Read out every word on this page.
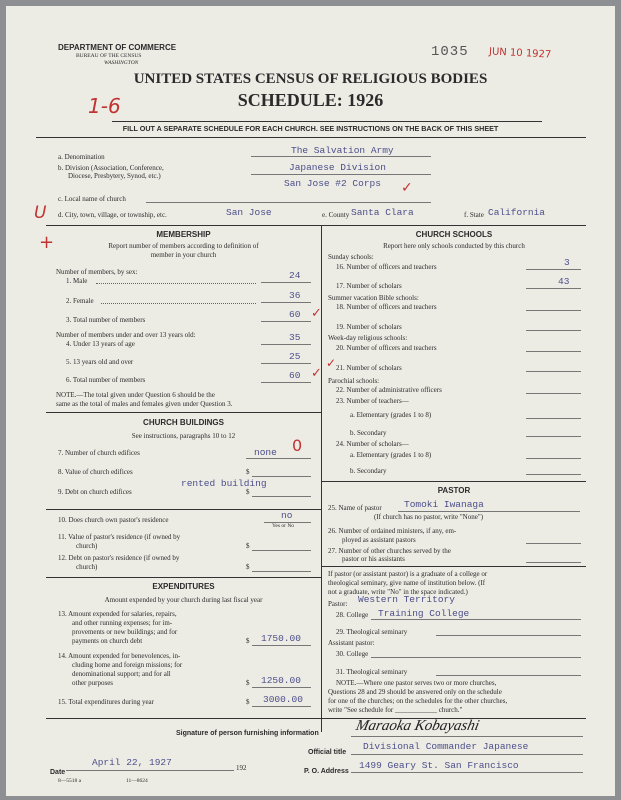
DEPARTMENT OF COMMERCE
BUREAU OF THE CENSUS
WASHINGTON
1035 JUN 10 1927
UNITED STATES CENSUS OF RELIGIOUS BODIES
SCHEDULE: 1926
1-6
FILL OUT A SEPARATE SCHEDULE FOR EACH CHURCH. SEE INSTRUCTIONS ON THE BACK OF THIS SHEET
a. Denomination
The Salvation Army
b. Division (Association, Conference,
Diocese, Presbytery, Synod, etc.)
Japanese Division
San Jose #2 Corps ✓
c. Local name of church
U d. City, town, village, or township, etc.	San Jose	e. County Santa Clara	f. State California
+	MEMBERSHIP
Report number of members according to definition of
member in your church
Number of members, by sex:
1. Male	24
2. Female	36
3. Total number of members	60 ✓
Number of members under and over 13 years old:
4. Under 13 years of age
35
5. 13 years old and over	25
6. Total number of members	60 ✓
NOTE.—The total given under Question 6 should be the
same as the total of males and females given under Question 3.
CHURCH BUILDINGS
See instructions, paragraphs 10 to 12
7. Number of church edifices	none 0
8. Value of church edifices	$
rented building
9. Debt on church edifices	$
10. Does church own pastor's residence	no
Yes or No
11. Value of pastor's residence (if owned by
church)	$
12. Debt on pastor's residence (if owned by
church)	$
EXPENDITURES
Amount expended by your church during last fiscal year
13. Amount expended for salaries, repairs,
and other running expenses; for im-
provements or new buildings; and for
payments on church debt	$ 1750.00
14. Amount expended for benevolences, in-
cluding home and foreign missions; for
denominational support; and for all
other purposes	$ 1250.00
15. Total expenditures during year	$ 3000.00
CHURCH SCHOOLS
Report here only schools conducted by this church
Sunday schools:
16. Number of officers and teachers	3
17. Number of scholars	43
Summer vacation Bible schools:
18. Number of officers and teachers
19. Number of scholars
Week-day religious schools:
20. Number of officers and teachers
✓ 21. Number of scholars
Parochial schools:
22. Number of administrative officers
23. Number of teachers—
a. Elementary (grades 1 to 8)
b. Secondary
24. Number of scholars—
a. Elementary (grades 1 to 8)
b. Secondary
PASTOR
25. Name of pastor Tomoki Iwanaga
(If church has no pastor, write "None")
26. Number of ordained ministers, if any, em-
ployed as assistant pastors
27. Number of other churches served by the
pastor or his assistants
If pastor (or assistant pastor) is a graduate of a college or
theological seminary, give name of institution below. (If
not a graduate, write "No" in the space indicated.)
Pastor: Western Territory
28. College Training College
29. Theological seminary
Assistant pastor:
30. College
31. Theological seminary
NOTE.—Where one pastor serves two or more churches,
Questions 28 and 29 should be answered only on the schedule
for one of the churches; on the schedules for the other churches,
write "See schedule for ____________ church."
Signature of person furnishing information Maraoka Kobayashi
Official title
Divisional Commander Japanese
Date
April 22, 1927	192	P. O. Address
1499 Geary St. San Francisco
8—5518 a	11—8624
